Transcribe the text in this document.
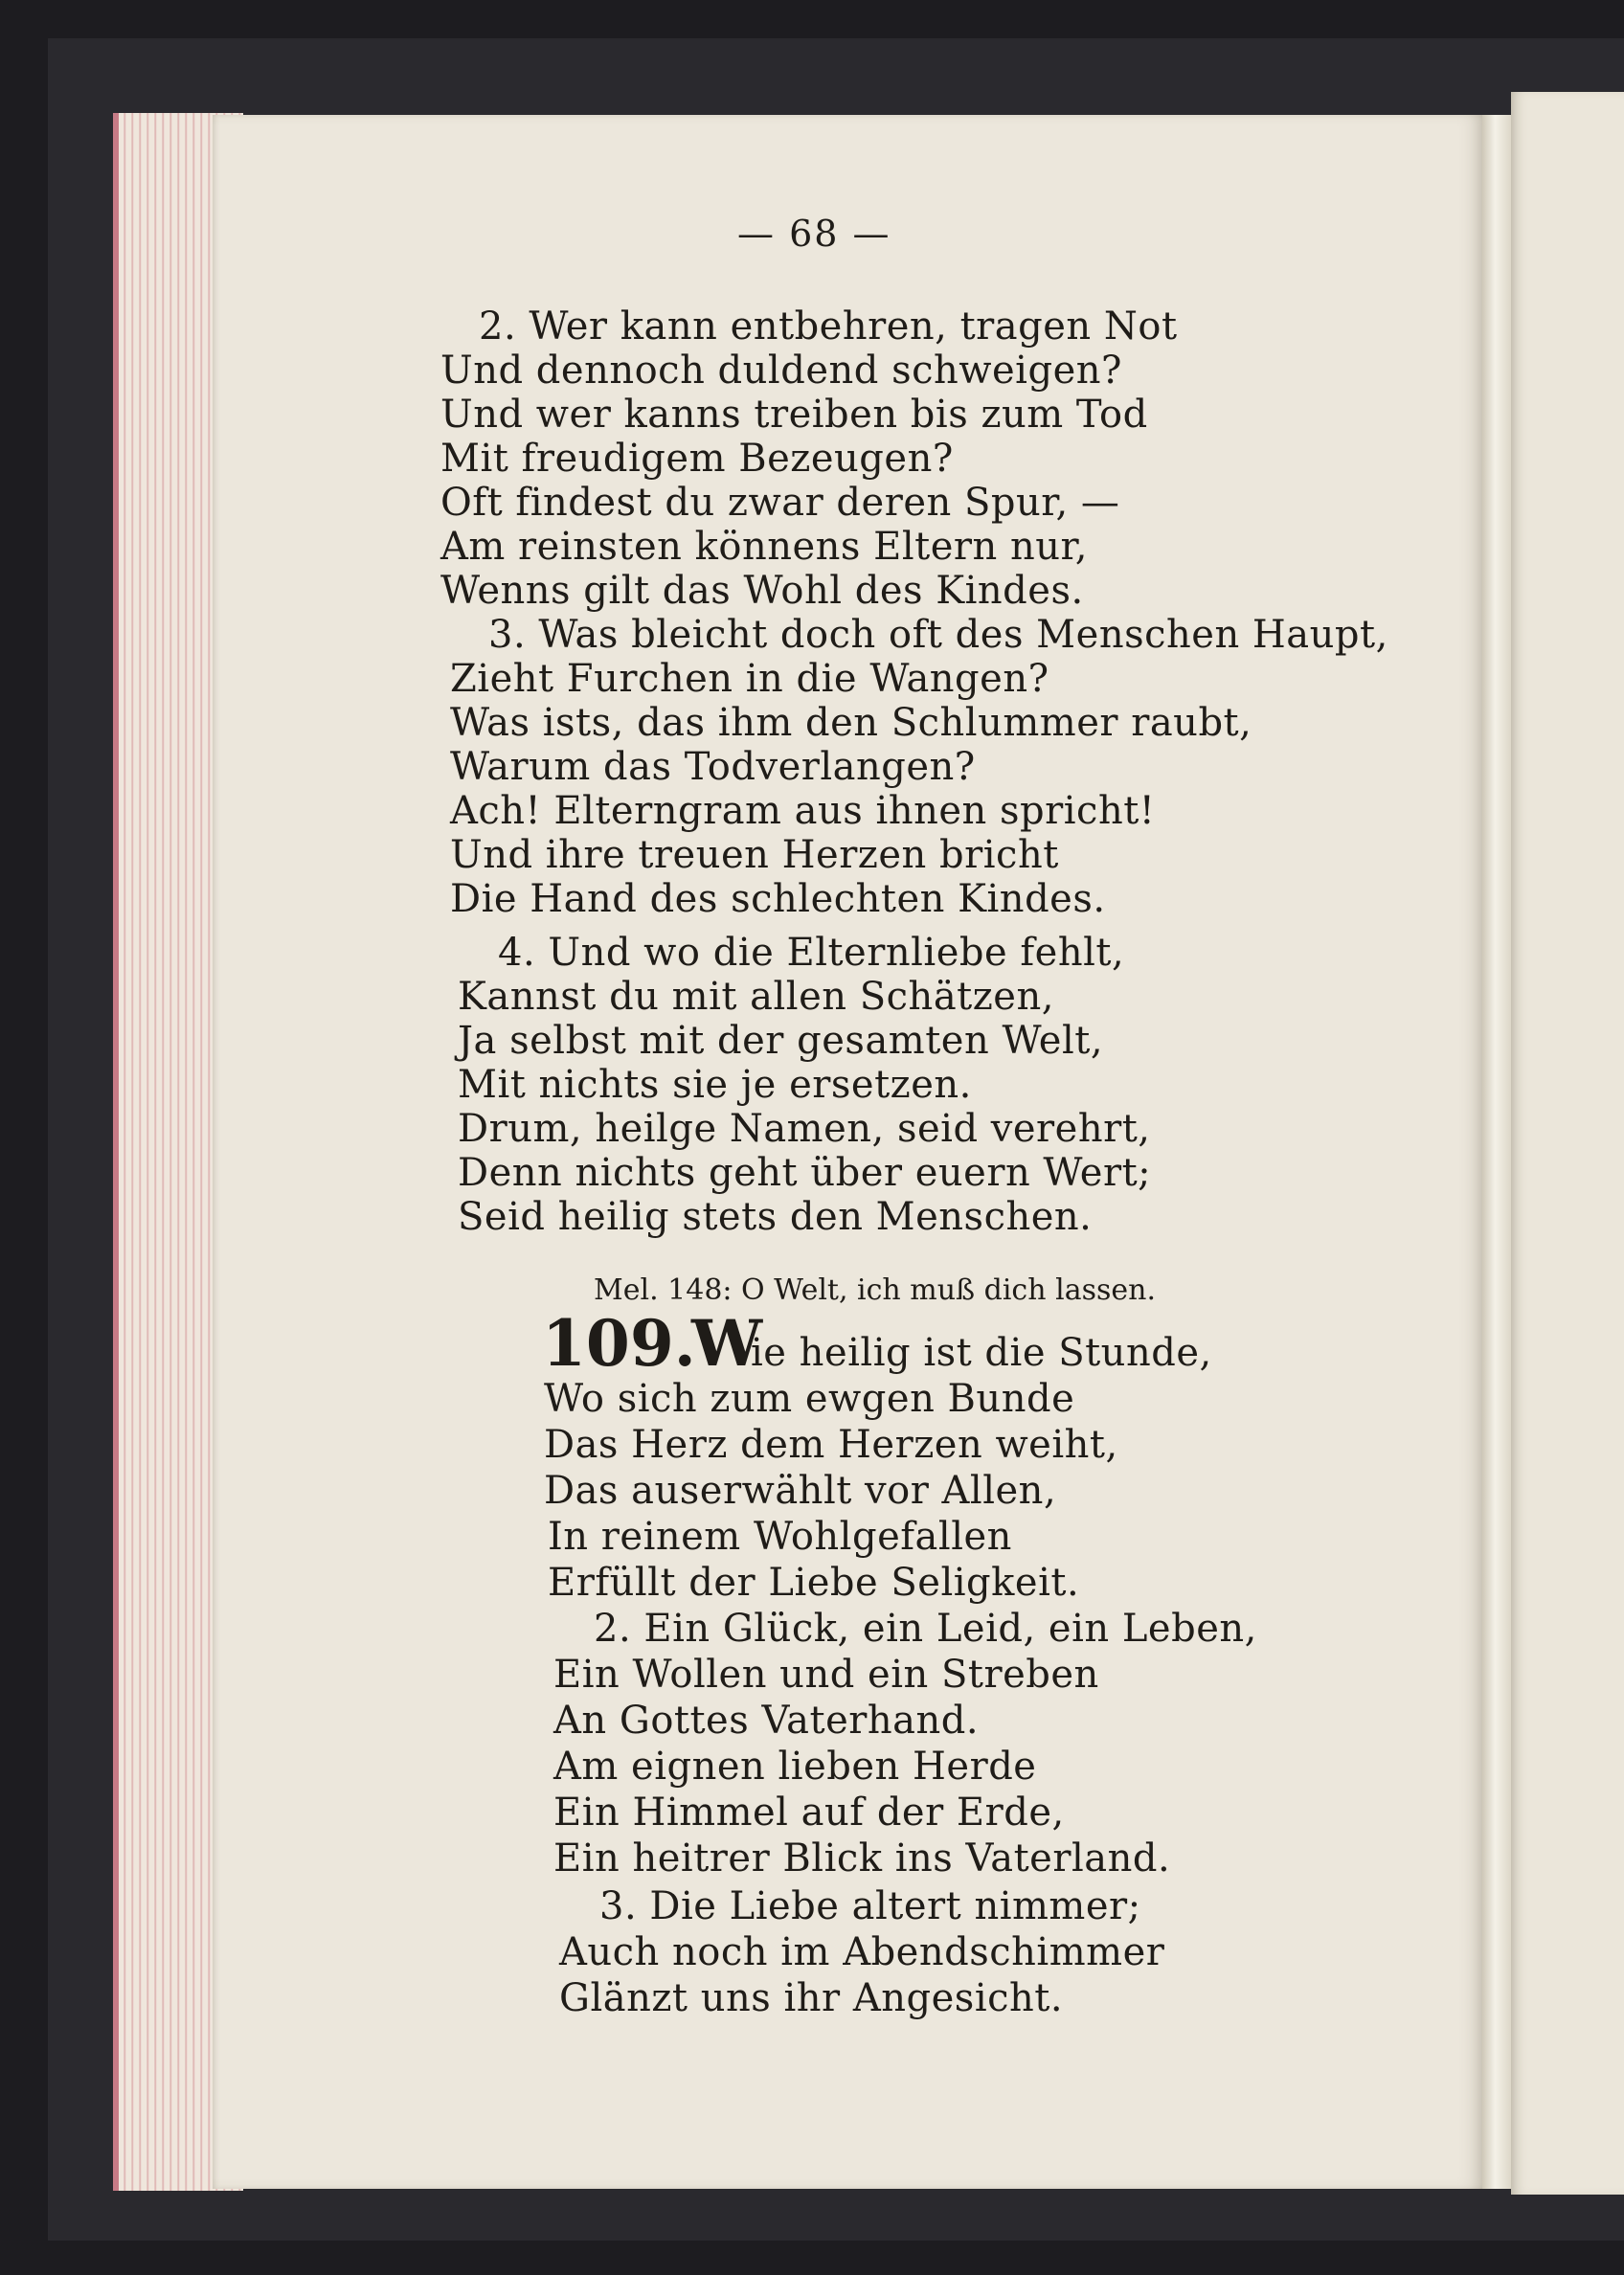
— 68 —
2. Wer kann entbehren, tragen Not
Und dennoch duldend schweigen?
Und wer kanns treiben bis zum Tod
Mit freudigem Bezeugen?
Oft findest du zwar deren Spur, —
Am reinsten könnens Eltern nur,
Wenns gilt das Wohl des Kindes.
3. Was bleicht doch oft des Menschen Haupt,
Zieht Furchen in die Wangen?
Was ists, das ihm den Schlummer raubt,
Warum das Todverlangen?
Ach! Elterngram aus ihnen spricht!
Und ihre treuen Herzen bricht
Die Hand des schlechten Kindes.
4. Und wo die Elternliebe fehlt,
Kannst du mit allen Schätzen,
Ja selbst mit der gesamten Welt,
Mit nichts sie je ersetzen.
Drum, heilge Namen, seid verehrt,
Denn nichts geht über euern Wert;
Seid heilig stets den Menschen.
Mel. 148: O Welt, ich muß dich lassen.
109.
W
ie heilig ist die Stunde,
Wo sich zum ewgen Bunde
Das Herz dem Herzen weiht,
Das auserwählt vor Allen,
In reinem Wohlgefallen
Erfüllt der Liebe Seligkeit.
2. Ein Glück, ein Leid, ein Leben,
Ein Wollen und ein Streben
An Gottes Vaterhand.
Am eignen lieben Herde
Ein Himmel auf der Erde,
Ein heitrer Blick ins Vaterland.
3. Die Liebe altert nimmer;
Auch noch im Abendschimmer
Glänzt uns ihr Angesicht.
